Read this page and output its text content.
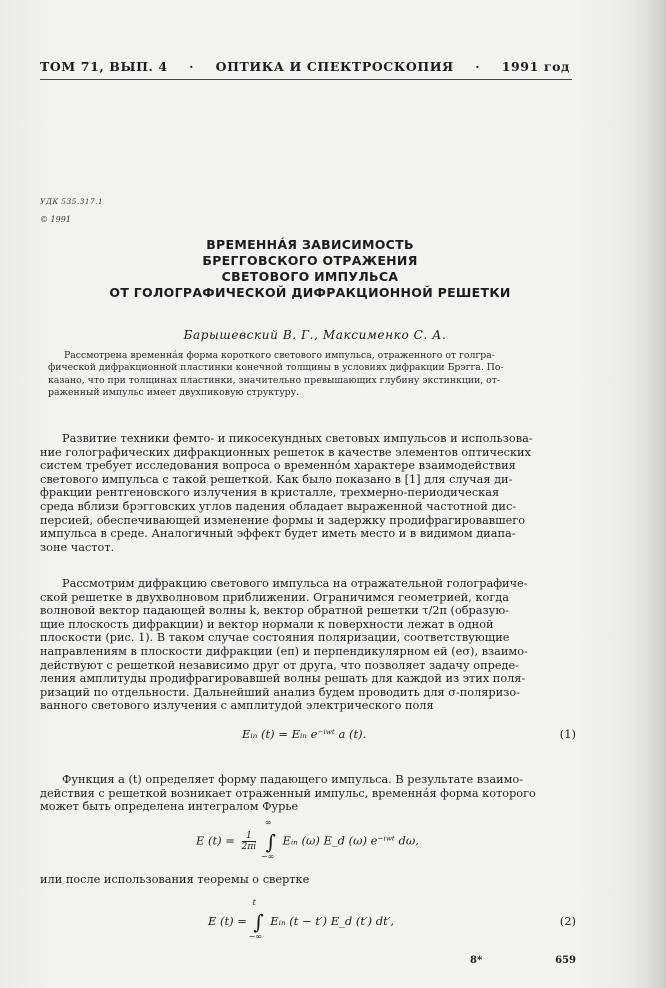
ТОМ 71, ВЫП. 4 · ОПТИКА И СПЕКТРОСКОПИЯ · 1991 год
УДК 535.317.1
© 1991
ВРЕМЕННÁЯ ЗАВИСИМОСТЬ
БРЕГГОВСКОГО ОТРАЖЕНИЯ
СВЕТОВОГО ИМПУЛЬСА
ОТ ГОЛОГРАФИЧЕСКОЙ ДИФРАКЦИОННОЙ РЕШЕТКИ
Барышевский В. Г., Максименко С. А.
Рассмотрена временнáя форма короткого светового импульса, отраженного от голгра-
фической дифракционной пластинки конечной толщины в условиях дифракции Брэгга. По-
казано, что при толщинах пластинки, значительно превышающих глубину экстинкции, от-
раженный импульс имеет двухпиковую структуру.
Развитие техники фемто- и пикосекундных световых импульсов и использова-
ние голографических дифракционных решеток в качестве элементов оптических
систем требует исследования вопроса о временнóм характере взаимодействия
светового импульса с такой решеткой. Как было показано в [1] для случая ди-
фракции рентгеновского излучения в кристалле, трехмерно-периодическая
среда вблизи брэгговских углов падения обладает выраженной частотной дис-
персией, обеспечивающей изменение формы и задержку продифрагировавшего
импульса в среде. Аналогичный эффект будет иметь место и в видимом диапа-
зоне частот.
Рассмотрим дифракцию светового импульса на отражательной голографиче-
ской решетке в двухволновом приближении. Ограничимся геометрией, когда
волновой вектор падающей волны k, вектор обратной решетки τ/2π (образую-
щие плоскость дифракции) и вектор нормали к поверхности лежат в одной
плоскости (рис. 1). В таком случае состояния поляризации, соответствующие
направлениям в плоскости дифракции (eπ) и перпендикулярном ей (eσ), взаимо-
действуют с решеткой независимо друг от друга, что позволяет задачу опреде-
ления амплитуды продифрагировавшей волны решать для каждой из этих поля-
ризаций по отдельности. Дальнейший анализ будем проводить для σ-поляризо-
ванного светового излучения с амплитудой электрического поля
Eᵢₙ (t) = Eᵢₙ e⁻ⁱʷᵗ a (t).	(1)
Функция a (t) определяет форму падающего импульса. В результате взаимо-
действия с решеткой возникает отраженный импульс, временнáя форма которого
может быть определена интегралом Фурье
E $(t) = \frac{1}{2\pi i}$

∞
∫
−∞
Eᵢₙ (ω) E_d (ω) e⁻ⁱʷᵗ dω,
или после использования теоремы о свертке
E (t) =
t
∫
−∞
Eᵢₙ (t − t′) E_d (t′) dt′,	(2)
8*	659
